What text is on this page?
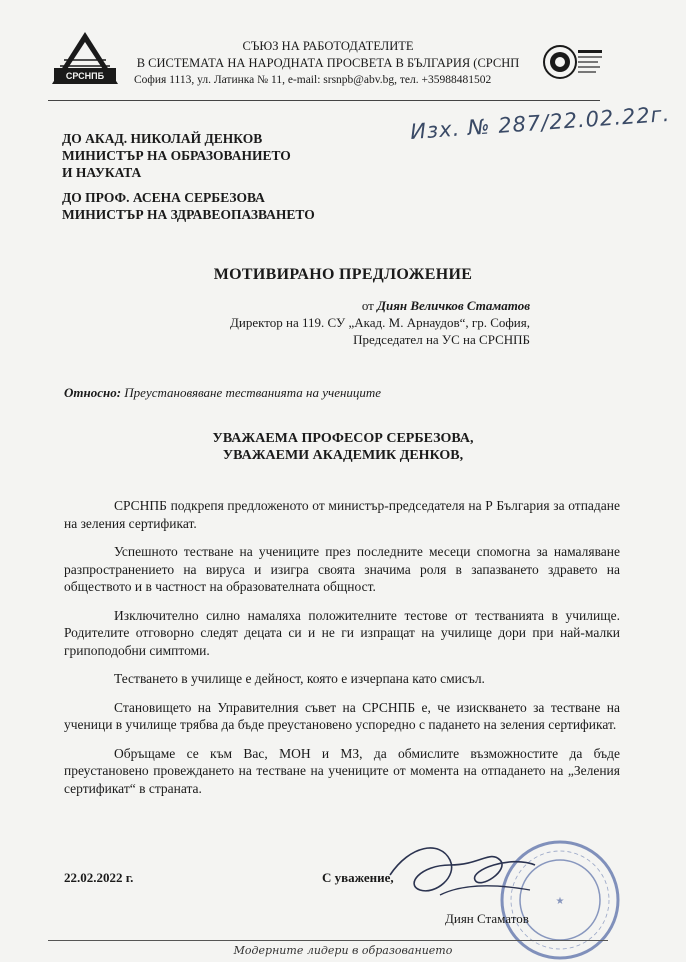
СРСНПБ
СЪЮЗ НА РАБОТОДАТЕЛИТЕ
В СИСТЕМАТА НА НАРОДНАТА ПРОСВЕТА В БЪЛГАРИЯ (СРСНП
София 1113, ул. Латинка № 11, e-mail: srsnpb@abv.bg, тел. +35988481502
Изх. № 287/22.02.22г.
ДО АКАД. НИКОЛАЙ ДЕНКОВ
МИНИСТЪР НА ОБРАЗОВАНИЕТО
И НАУКАТА
ДО ПРОФ. АСЕНА СЕРБЕЗОВА
МИНИСТЪР НА ЗДРАВЕОПАЗВАНЕТО
МОТИВИРАНО ПРЕДЛОЖЕНИЕ
от Диян Величков Стаматов
Директор на 119. СУ „Акад. М. Арнаудов“, гр. София,
Председател на УС на СРСНПБ
Относно: Преустановяване тестванията на учениците
УВАЖАЕМА ПРОФЕСОР СЕРБЕЗОВА,
УВАЖАЕМИ АКАДЕМИК ДЕНКОВ,

СРСНПБ подкрепя предложеното от министър-председателя на Р България за отпадане на зеления сертификат.

Успешното тестване на учениците през последните месеци спомогна за намаляване разпространението на вируса и изигра своята значима роля в запазването здравето на обществото и в частност на образователната общност.

Изключително силно намаляха положителните тестове от тестванията в училище. Родителите отговорно следят децата си и не ги изпращат на училище дори при най-малки грипоподобни симптоми.

Тестването в училище е дейност, която е изчерпана като смисъл.

Становището на Управителния съвет на СРСНПБ е, че изискването за тестване на ученици в училище трябва да бъде преустановено успоредно с падането на зеления сертификат.

Обръщаме се към Вас, МОН и МЗ, да обмислите възможностите да бъде преустановено провеждането на тестване на учениците от момента на отпадането на „Зеления сертификат“ в страната.

★
22.02.2022 г.	С уважение,
Диян Стаматов
Модерните лидери в образованието
